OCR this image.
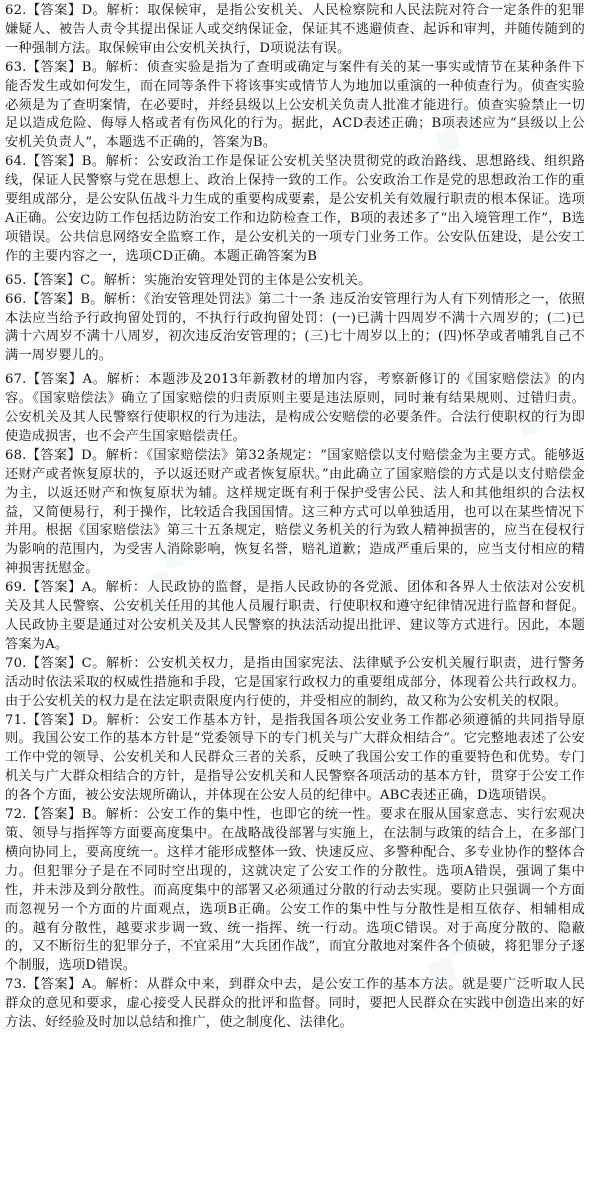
62.【答案】D。解析：取保候审，是指公安机关、人民检察院和人民法院对符合一定条件的犯罪嫌疑人、被告人责令其提出保证人或交纳保证金，保证其不逃避侦查、起诉和审判，并随传随到的一种强制方法。取保候审由公安机关执行，D项说法有误。

63.【答案】B。解析：侦查实验是指为了查明或确定与案件有关的某一事实或情节在某种条件下能否发生或如何发生，而在同等条件下将该事实或情节人为地加以重演的一种侦查行为。侦查实验必须是为了查明案情，在必要时，并经县级以上公安机关负责人批准才能进行。侦查实验禁止一切足以造成危险、侮辱人格或者有伤风化的行为。据此，ACD表述正确；B项表述应为“县级以上公安机关负责人”，本题选不正确的，答案为B。

64.【答案】B。解析：公安政治工作是保证公安机关坚决贯彻党的政治路线、思想路线、组织路线，保证人民警察与党在思想上、政治上保持一致的工作。公安政治工作是党的思想政治工作的重要组成部分，是公安队伍战斗力生成的重要构成要素，是公安机关有效履行职责的根本保证。选项A正确。公安边防工作包括边防治安工作和边防检查工作，B项的表述多了“出入境管理工作”，B选项错误。公共信息网络安全监察工作，是公安机关的一项专门业务工作。公安队伍建设，是公安工作的主要内容之一，选项CD正确。本题正确答案为B

65.【答案】C。解析：实施治安管理处罚的主体是公安机关。

66.【答案】B。解析：《治安管理处罚法》第二十一条 违反治安管理行为人有下列情形之一，依照本法应当给予行政拘留处罚的，不执行行政拘留处罚：(一)已满十四周岁不满十六周岁的；(二)已满十六周岁不满十八周岁，初次违反治安管理的；(三)七十周岁以上的；(四)怀孕或者哺乳自己不满一周岁婴儿的。

67.【答案】A。解析：本题涉及2013年新教材的增加内容，考察新修订的《国家赔偿法》的内容。《国家赔偿法》确立了国家赔偿的归责原则主要是违法原则，同时兼有结果规则、过错归责。公安机关及其人民警察行使职权的行为违法，是构成公安赔偿的必要条件。合法行使职权的行为即使造成损害，也不会产生国家赔偿责任。

68.【答案】D。解析：《国家赔偿法》第32条规定：“国家赔偿以支付赔偿金为主要方式。能够返还财产或者恢复原状的，予以返还财产或者恢复原状。”由此确立了国家赔偿的方式是以支付赔偿金为主，以返还财产和恢复原状为辅。这样规定既有利于保护受害公民、法人和其他组织的合法权益，又简便易行，利于操作，比较适合我国国情。这三种方式可以单独适用，也可以在某些情况下并用。根据《国家赔偿法》第三十五条规定，赔偿义务机关的行为致人精神损害的，应当在侵权行为影响的范围内，为受害人消除影响，恢复名誉，赔礼道歉；造成严重后果的，应当支付相应的精神损害抚慰金。

69.【答案】A。解析：人民政协的监督，是指人民政协的各党派、团体和各界人士依法对公安机关及其人民警察、公安机关任用的其他人员履行职责、行使职权和遵守纪律情况进行监督和督促。人民政协主要是通过对公安机关及其人民警察的执法活动提出批评、建议等方式进行。因此，本题答案为A。

70.【答案】C。解析：公安机关权力，是指由国家宪法、法律赋予公安机关履行职责，进行警务活动时依法采取的权威性措施和手段，它是国家行政权力的重要组成部分，体现着公共行政权力。由于公安机关的权力是在法定职责限度内行使的，并受相应的制约，故又称为公安机关的权限。

71.【答案】D。解析：公安工作基本方针，是指我国各项公安业务工作都必须遵循的共同指导原则。我国公安工作的基本方针是“党委领导下的专门机关与广大群众相结合”。它完整地表述了公安工作中党的领导、公安机关和人民群众三者的关系，反映了我国公安工作的重要特色和优势。专门机关与广大群众相结合的方针，是指导公安机关和人民警察各项活动的基本方针，贯穿于公安工作的各个方面，被公安法规所确认，并体现在公安人员的纪律中。ABC表述正确，D选项错误。

72.【答案】B。解析：公安工作的集中性，也即它的统一性。要求在服从国家意志、实行宏观决策、领导与指挥等方面要高度集中。在战略战役部署与实施上，在法制与政策的结合上，在多部门横向协同上，要高度统一。这样才能形成整体一致、快速反应、多警种配合、多专业协作的整体合力。但犯罪分子是在不同时空出现的，这就决定了公安工作的分散性。选项A错误，强调了集中性，并未涉及到分散性。而高度集中的部署又必须通过分散的行动去实现。要防止只强调一个方面而忽视另一个方面的片面观点，选项B正确。公安工作的集中性与分散性是相互依存、相辅相成的。越有分散性，越要求步调一致、统一指挥、统一行动。选项C错误。对于高度分散的、隐蔽的，又不断衍生的犯罪分子，不宜采用“大兵团作战”，而宜分散地对案件各个侦破，将犯罪分子逐个制服，选项D错误。

73.【答案】A。解析：从群众中来，到群众中去，是公安工作的基本方法。就是要广泛听取人民群众的意见和要求，虚心接受人民群众的批评和监督。同时，要把人民群众在实践中创造出来的好方法、好经验及时加以总结和推广，使之制度化、法律化。

◆◆◆◆
◆◆◆
◆◆◆◆
◆◆◆
◆◆
